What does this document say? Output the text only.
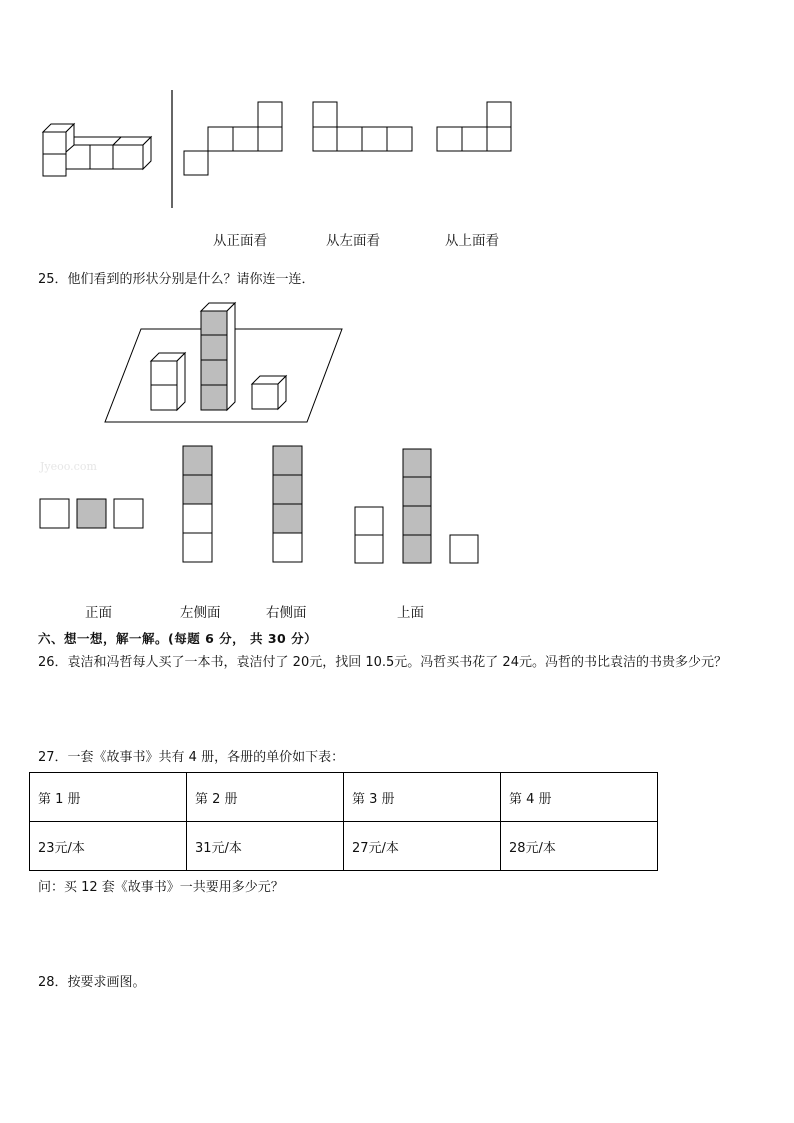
从正面看	从左面看	从上面看
25．他们看到的形状分别是什么？请你连一连．
Jyeoo.com
正面	左侧面	右侧面	上面
六、想一想，解一解。(每题 6 分， 共 30 分）
26．袁洁和冯哲每人买了一本书，袁洁付了 20元，找回 10.5元。冯哲买书花了 24元。冯哲的书比袁洁的书贵多少元？
27．一套《故事书》共有 4 册，各册的单价如下表：
第 1 册	第 2 册	第 3 册	第 4 册
23元/本	31元/本	27元/本	28元/本
问：买 12 套《故事书》一共要用多少元？
28．按要求画图。
